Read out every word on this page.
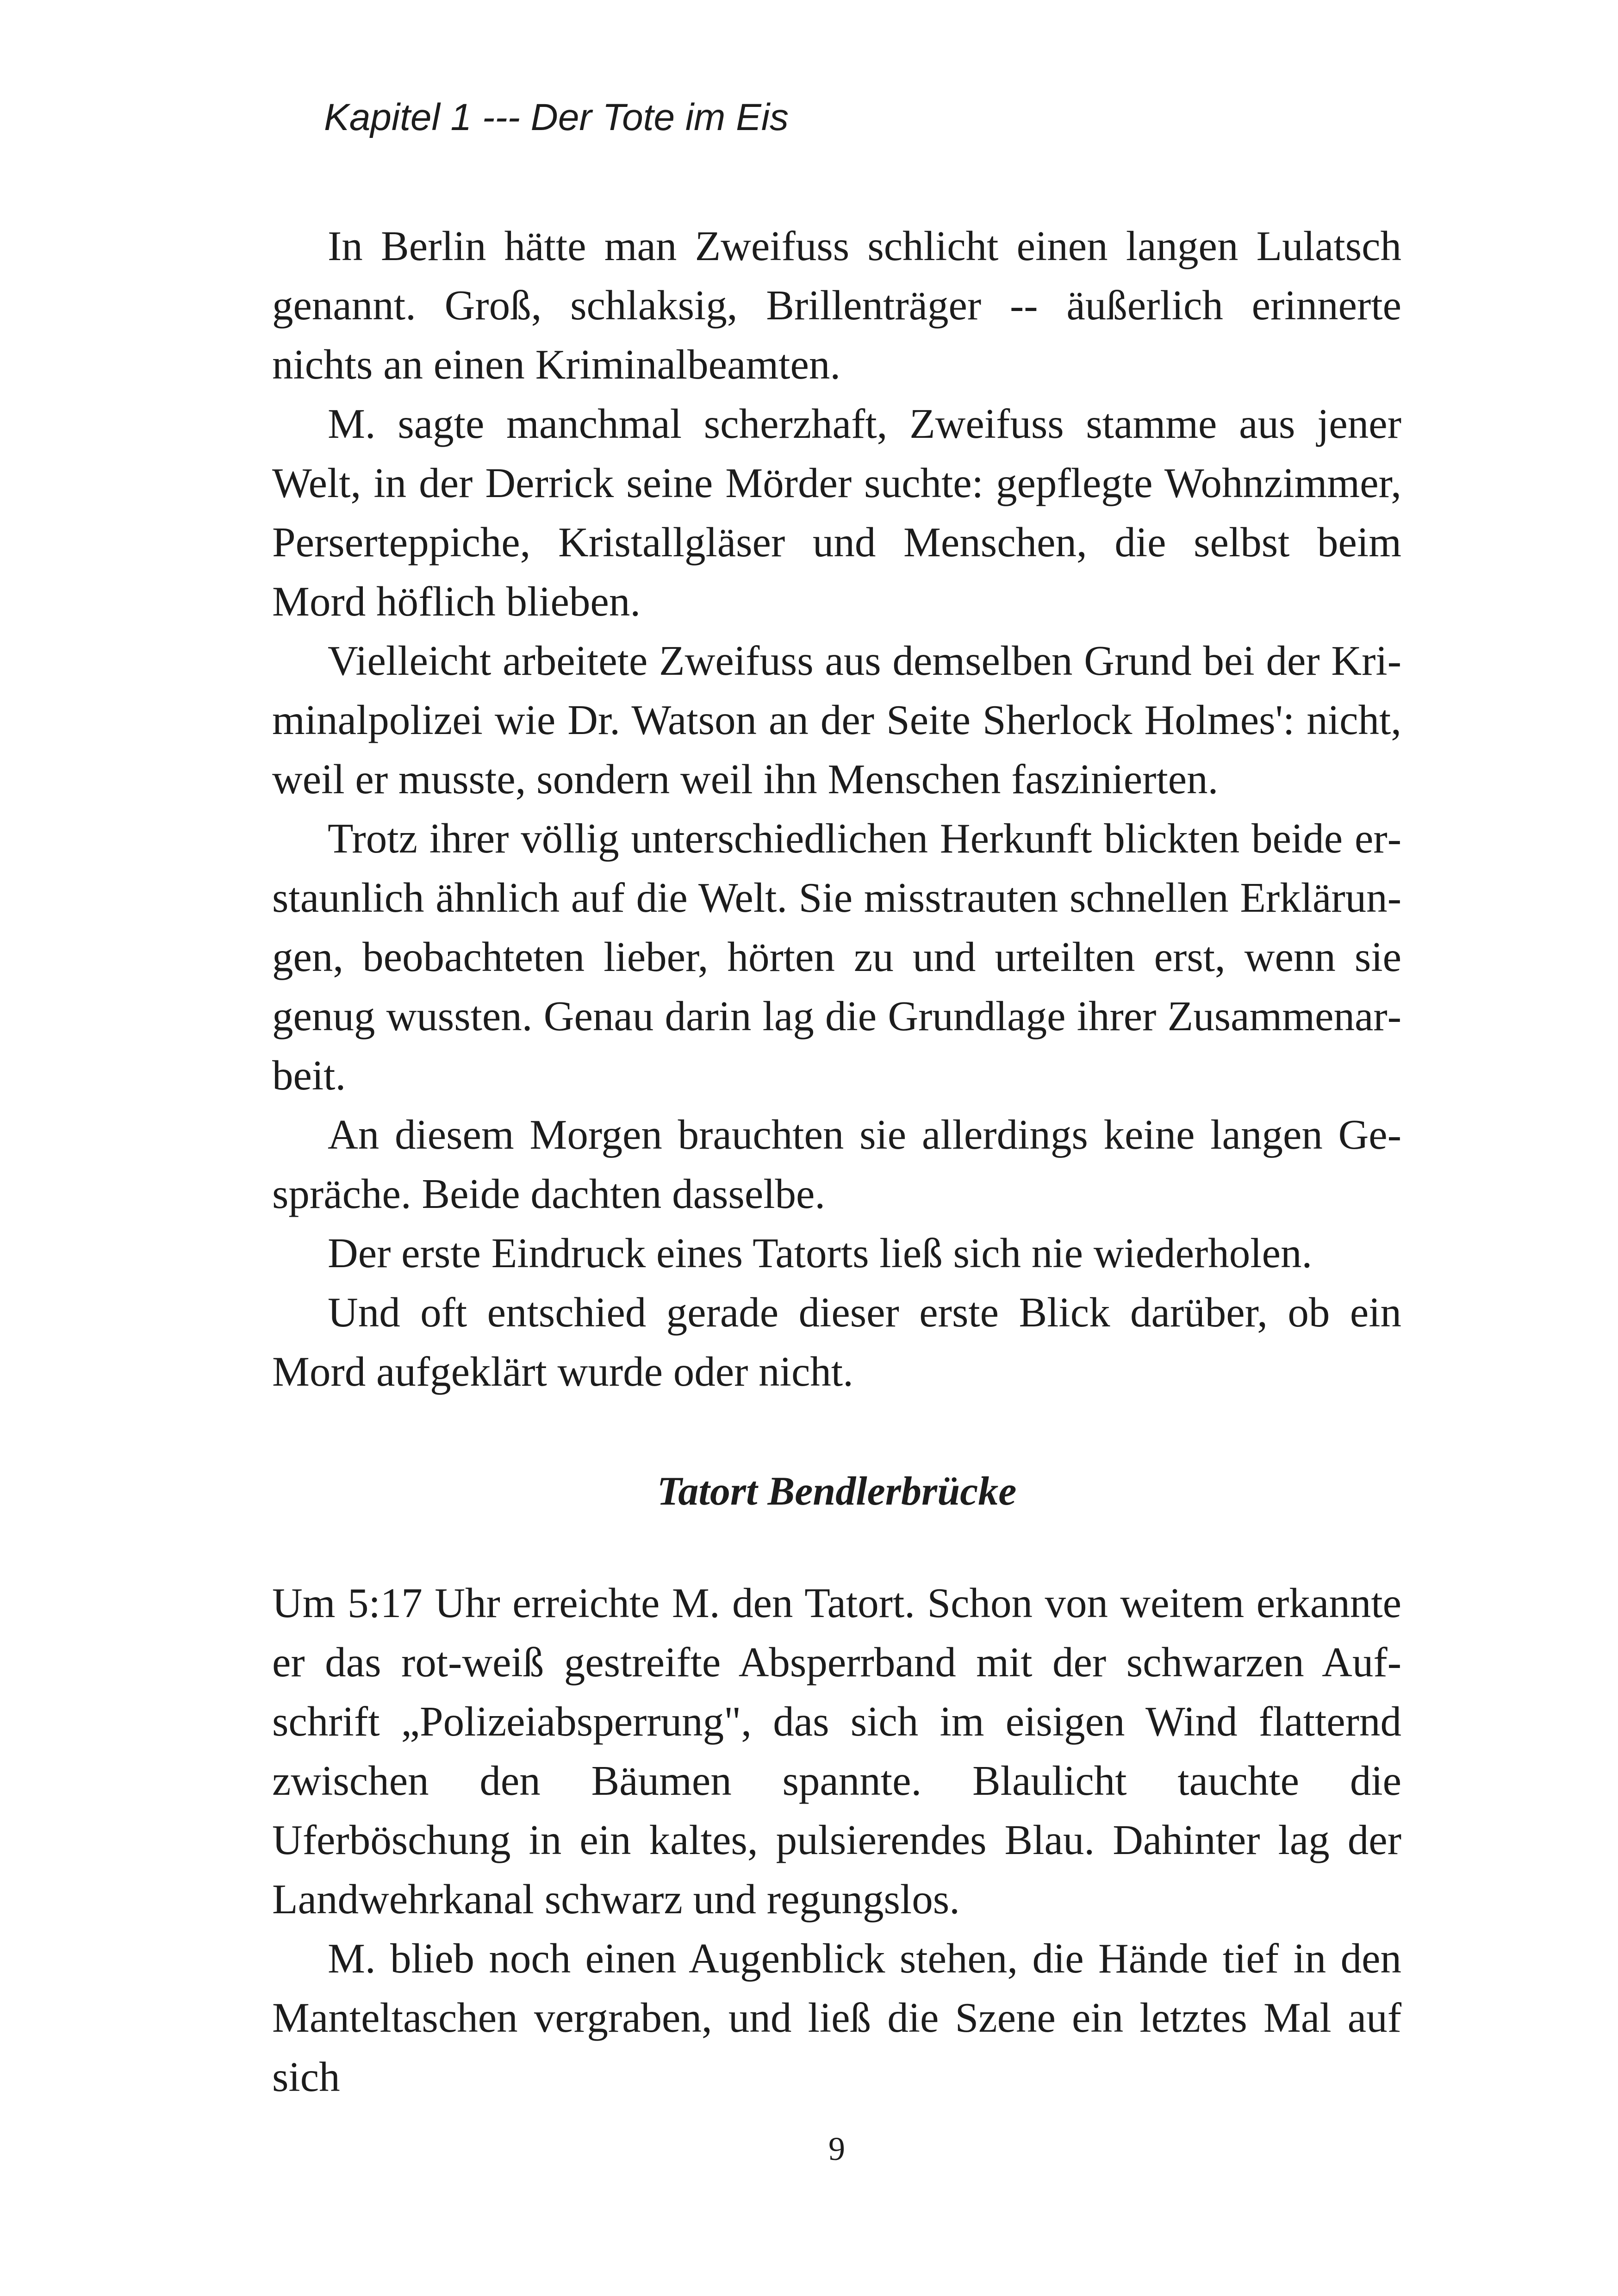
Kapitel 1 --- Der Tote im Eis

In Berlin hätte man Zweifuss schlicht einen langen Lulatsch genannt. Groß, schlaksig, Brillenträger -- äußerlich erinnerte nichts an einen Kriminalbeamten.

M. sagte manchmal scherzhaft, Zweifuss stamme aus jener Welt, in der Derrick seine Mörder suchte: gepflegte Wohnzimmer, Perserteppiche, Kristallgläser und Menschen, die selbst beim Mord höflich blieben.

Vielleicht arbeitete Zweifuss aus demselben Grund bei der Kriminalpolizei wie Dr. Watson an der Seite Sherlock Holmes': nicht, weil er musste, sondern weil ihn Menschen faszinierten.

Trotz ihrer völlig unterschiedlichen Herkunft blickten beide erstaunlich ähnlich auf die Welt. Sie misstrauten schnellen Erklärungen, beobachteten lieber, hörten zu und urteilten erst, wenn sie genug wussten. Genau darin lag die Grundlage ihrer Zusammenarbeit.

An diesem Morgen brauchten sie allerdings keine langen Gespräche. Beide dachten dasselbe.

Der erste Eindruck eines Tatorts ließ sich nie wiederholen.

Und oft entschied gerade dieser erste Blick darüber, ob ein Mord aufgeklärt wurde oder nicht.

Tatort Bendlerbrücke

Um 5:17 Uhr erreichte M. den Tatort. Schon von weitem erkannte er das rot-weiß gestreifte Absperrband mit der schwarzen Aufschrift „Polizeiabsperrung", das sich im eisigen Wind flatternd zwischen den Bäumen spannte. Blaulicht tauchte die Uferböschung in ein kaltes, pulsierendes Blau. Dahinter lag der Landwehrkanal schwarz und regungslos.

M. blieb noch einen Augenblick stehen, die Hände tief in den Manteltaschen vergraben, und ließ die Szene ein letztes Mal auf sich

9
